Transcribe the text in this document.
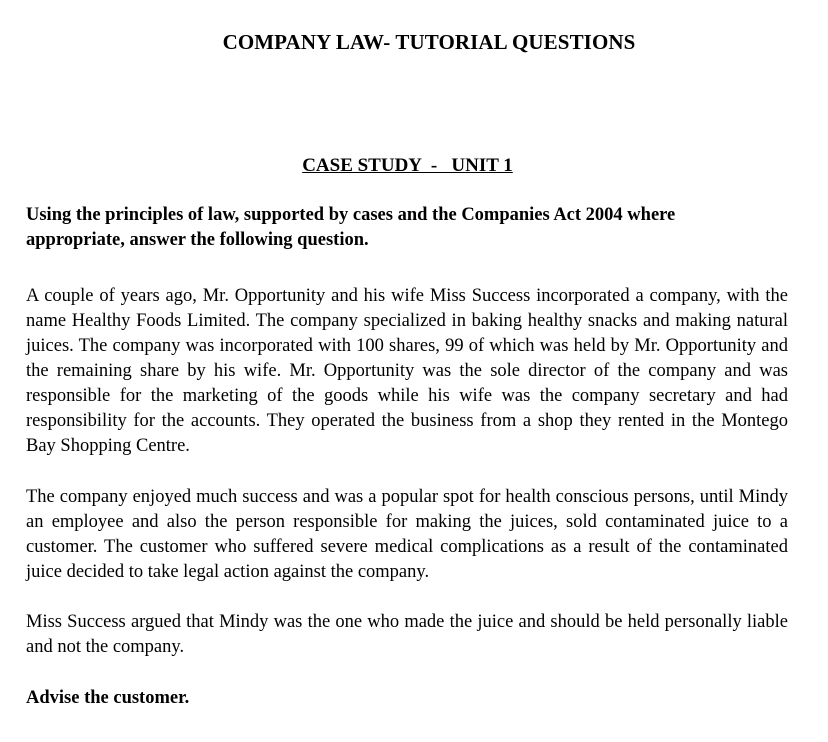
COMPANY LAW- TUTORIAL QUESTIONS
CASE STUDY  -   UNIT 1

Using the principles of law, supported by cases and the Companies Act 2004 where appropriate, answer the following question.

A couple of years ago, Mr. Opportunity and his wife Miss Success incorporated a company, with the name Healthy Foods Limited. The company specialized in baking healthy snacks and making natural juices. The company was incorporated with 100 shares, 99 of which was held by Mr. Opportunity and the remaining share by his wife. Mr. Opportunity was the sole director of the company and was responsible for the marketing of the goods while his wife was the company secretary and had responsibility for the accounts. They operated the business from a shop they rented in the Montego Bay Shopping Centre.

The company enjoyed much success and was a popular spot for health conscious persons, until Mindy an employee and also the person responsible for making the juices, sold contaminated juice to a customer. The customer who suffered severe medical complications as a result of the contaminated juice decided to take legal action against the company.

Miss Success argued that Mindy was the one who made the juice and should be held personally liable and not the company.

Advise the customer.
